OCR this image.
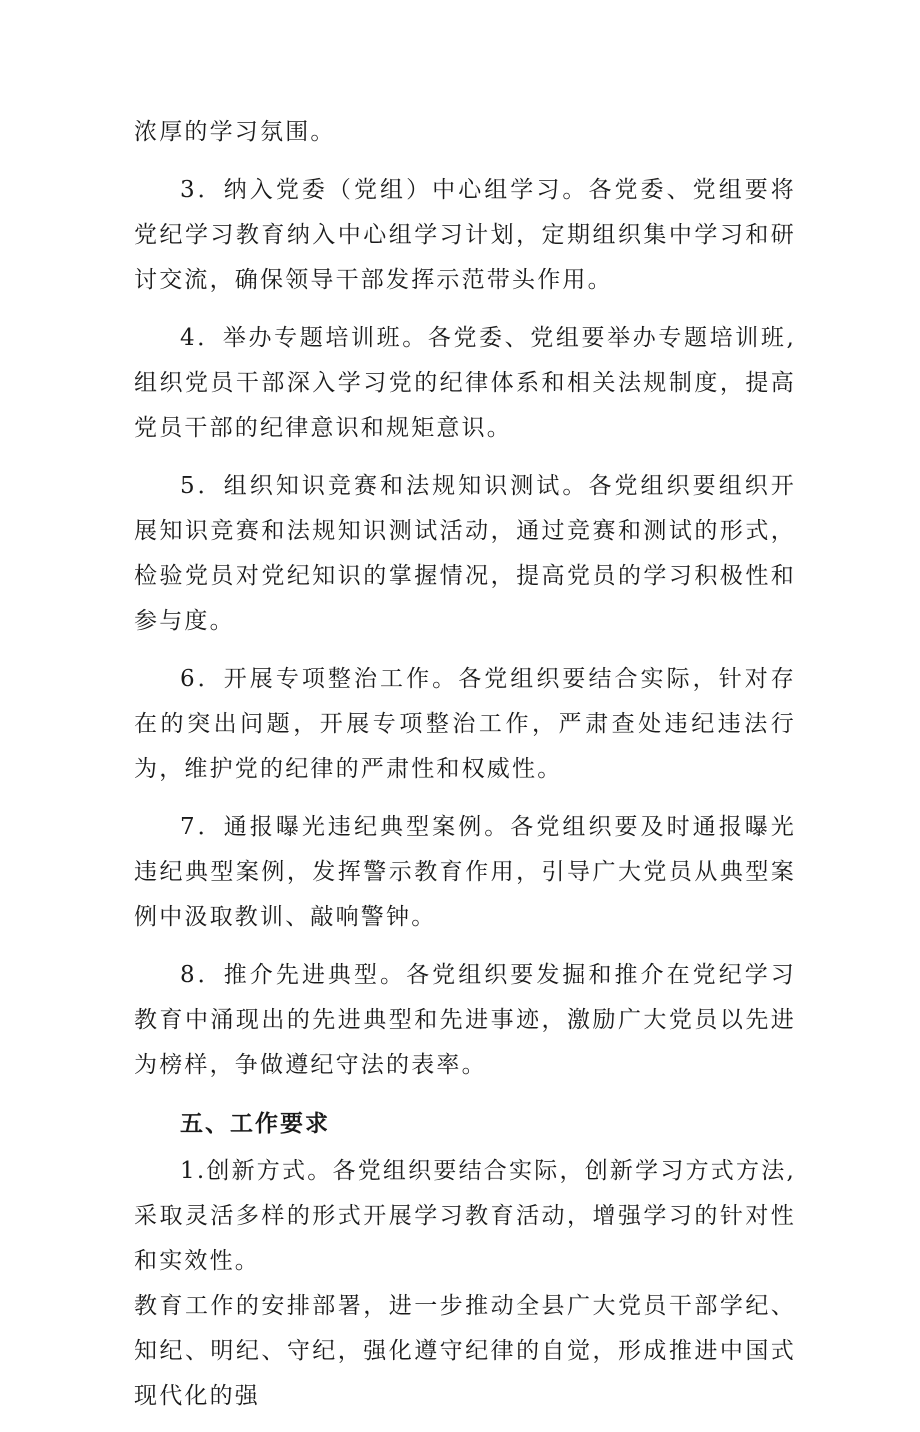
浓厚的学习氛围。

3．纳入党委（党组）中心组学习。各党委、党组要将党纪学习教育纳入中心组学习计划，定期组织集中学习和研讨交流，确保领导干部发挥示范带头作用。

4．举办专题培训班。各党委、党组要举办专题培训班,组织党员干部深入学习党的纪律体系和相关法规制度，提高党员干部的纪律意识和规矩意识。

5．组织知识竞赛和法规知识测试。各党组织要组织开展知识竞赛和法规知识测试活动，通过竞赛和测试的形式，检验党员对党纪知识的掌握情况，提高党员的学习积极性和参与度。

6．开展专项整治工作。各党组织要结合实际，针对存在的突出问题，开展专项整治工作，严肃查处违纪违法行为，维护党的纪律的严肃性和权威性。

7．通报曝光违纪典型案例。各党组织要及时通报曝光违纪典型案例，发挥警示教育作用，引导广大党员从典型案例中汲取教训、敲响警钟。

8．推介先进典型。各党组织要发掘和推介在党纪学习教育中涌现出的先进典型和先进事迹，激励广大党员以先进为榜样，争做遵纪守法的表率。

五、工作要求

1.创新方式。各党组织要结合实际，创新学习方式方法,采取灵活多样的形式开展学习教育活动，增强学习的针对性和实效性。

教育工作的安排部署，进一步推动全县广大党员干部学纪、知纪、明纪、守纪，强化遵守纪律的自觉，形成推进中国式现代化的强
